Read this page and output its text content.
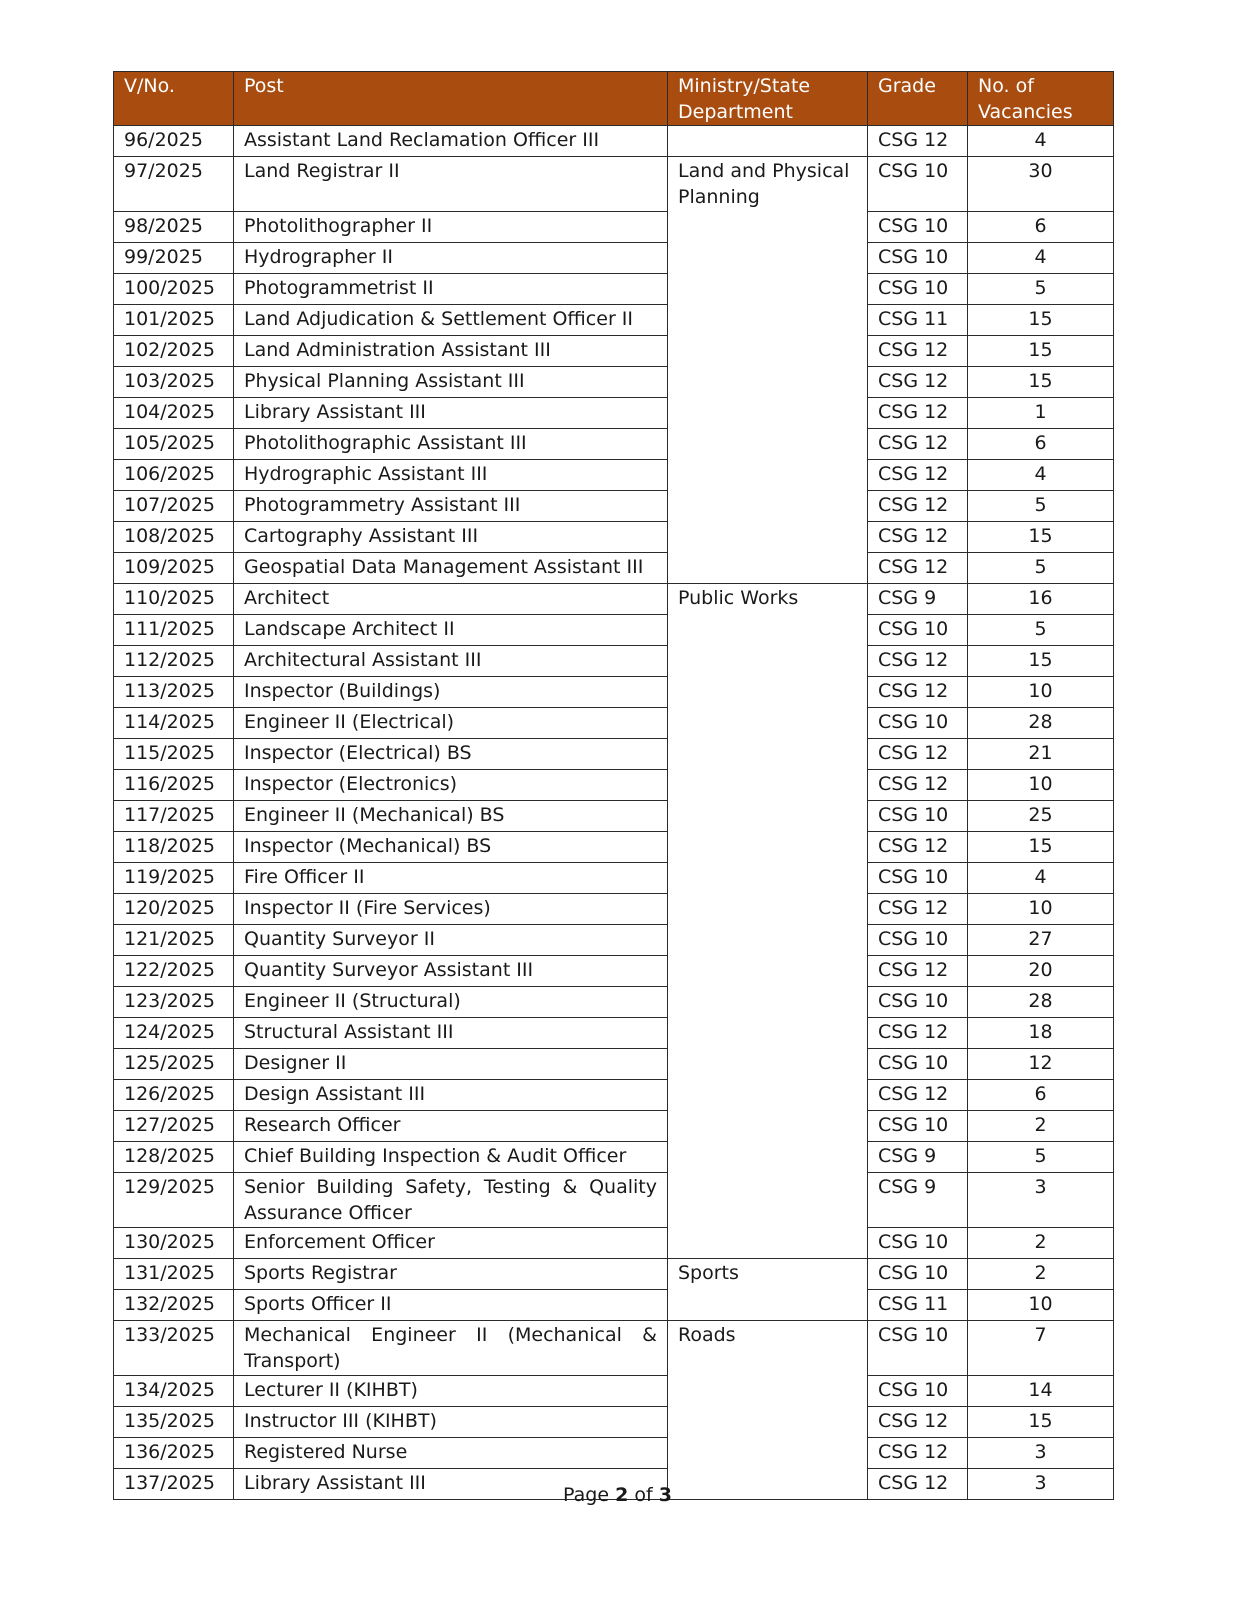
V/No.	Post	Ministry/State Department	Grade	No. of Vacancies
96/2025	Assistant Land Reclamation Officer III		CSG 12	4
97/2025	Land Registrar II	Land and Physical Planning	CSG 10	30
98/2025	Photolithographer II		CSG 10	6
99/2025	Hydrographer II		CSG 10	4
100/2025	Photogrammetrist II		CSG 10	5
101/2025	Land Adjudication & Settlement Officer II		CSG 11	15
102/2025	Land Administration Assistant III		CSG 12	15
103/2025	Physical Planning Assistant III		CSG 12	15
104/2025	Library Assistant III		CSG 12	1
105/2025	Photolithographic Assistant III		CSG 12	6
106/2025	Hydrographic Assistant III		CSG 12	4
107/2025	Photogrammetry Assistant III		CSG 12	5
108/2025	Cartography Assistant III		CSG 12	15
109/2025	Geospatial Data Management Assistant III		CSG 12	5
110/2025	Architect	Public Works	CSG 9	16
111/2025	Landscape Architect II		CSG 10	5
112/2025	Architectural Assistant III		CSG 12	15
113/2025	Inspector (Buildings)		CSG 12	10
114/2025	Engineer II (Electrical)		CSG 10	28
115/2025	Inspector (Electrical) BS		CSG 12	21
116/2025	Inspector (Electronics)		CSG 12	10
117/2025	Engineer II (Mechanical) BS		CSG 10	25
118/2025	Inspector (Mechanical) BS		CSG 12	15
119/2025	Fire Officer II		CSG 10	4
120/2025	Inspector II (Fire Services)		CSG 12	10
121/2025	Quantity Surveyor II		CSG 10	27
122/2025	Quantity Surveyor Assistant III		CSG 12	20
123/2025	Engineer II (Structural)		CSG 10	28
124/2025	Structural Assistant III		CSG 12	18
125/2025	Designer II		CSG 10	12
126/2025	Design Assistant III		CSG 12	6
127/2025	Research Officer		CSG 10	2
128/2025	Chief Building Inspection & Audit Officer		CSG 9	5
129/2025	Senior Building Safety, Testing & Quality Assurance Officer		CSG 9	3
130/2025	Enforcement Officer		CSG 10	2
131/2025	Sports Registrar	Sports	CSG 10	2
132/2025	Sports Officer II		CSG 11	10
133/2025	Mechanical Engineer II (Mechanical & Transport)	Roads	CSG 10	7
134/2025	Lecturer II (KIHBT)		CSG 10	14
135/2025	Instructor III (KIHBT)		CSG 12	15
136/2025	Registered Nurse		CSG 12	3
137/2025	Library Assistant III		CSG 12	3
Page 2 of 3
